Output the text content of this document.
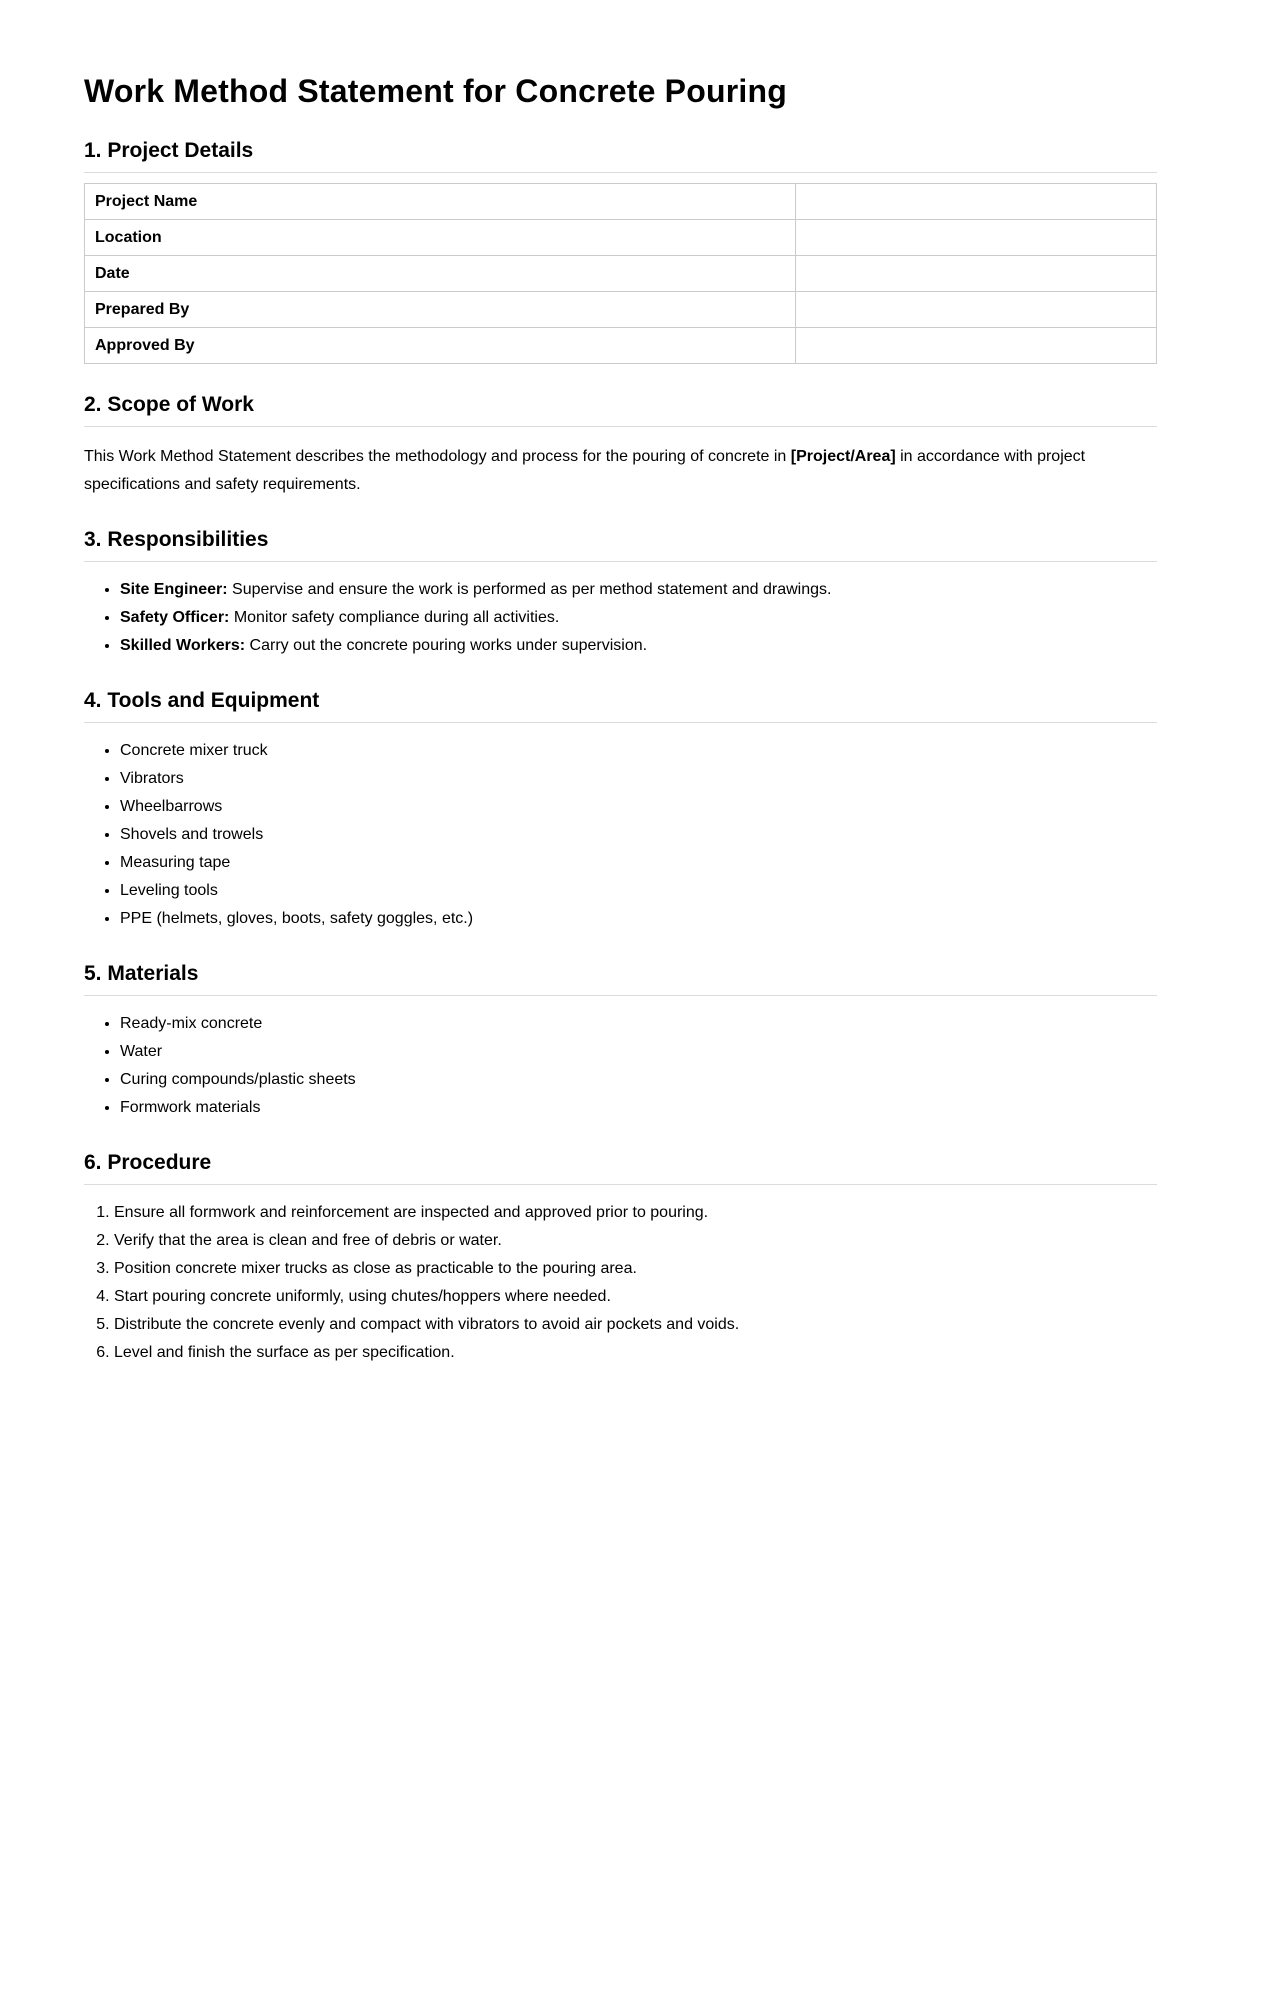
Work Method Statement for Concrete Pouring
1. Project Details
Project Name	
Location	
Date	
Prepared By	
Approved By	
2. Scope of Work

This Work Method Statement describes the methodology and process for the pouring of concrete in [Project/Area] in accordance with project specifications and safety requirements.

3. Responsibilities
• Site Engineer: Supervise and ensure the work is performed as per method statement and drawings.
• Safety Officer: Monitor safety compliance during all activities.
• Skilled Workers: Carry out the concrete pouring works under supervision.
4. Tools and Equipment
• Concrete mixer truck
• Vibrators
• Wheelbarrows
• Shovels and trowels
• Measuring tape
• Leveling tools
• PPE (helmets, gloves, boots, safety goggles, etc.)
5. Materials
• Ready-mix concrete
• Water
• Curing compounds/plastic sheets
• Formwork materials
6. Procedure
1. Ensure all formwork and reinforcement are inspected and approved prior to pouring.
2. Verify that the area is clean and free of debris or water.
3. Position concrete mixer trucks as close as practicable to the pouring area.
4. Start pouring concrete uniformly, using chutes/hoppers where needed.
5. Distribute the concrete evenly and compact with vibrators to avoid air pockets and voids.
6. Level and finish the surface as per specification.
